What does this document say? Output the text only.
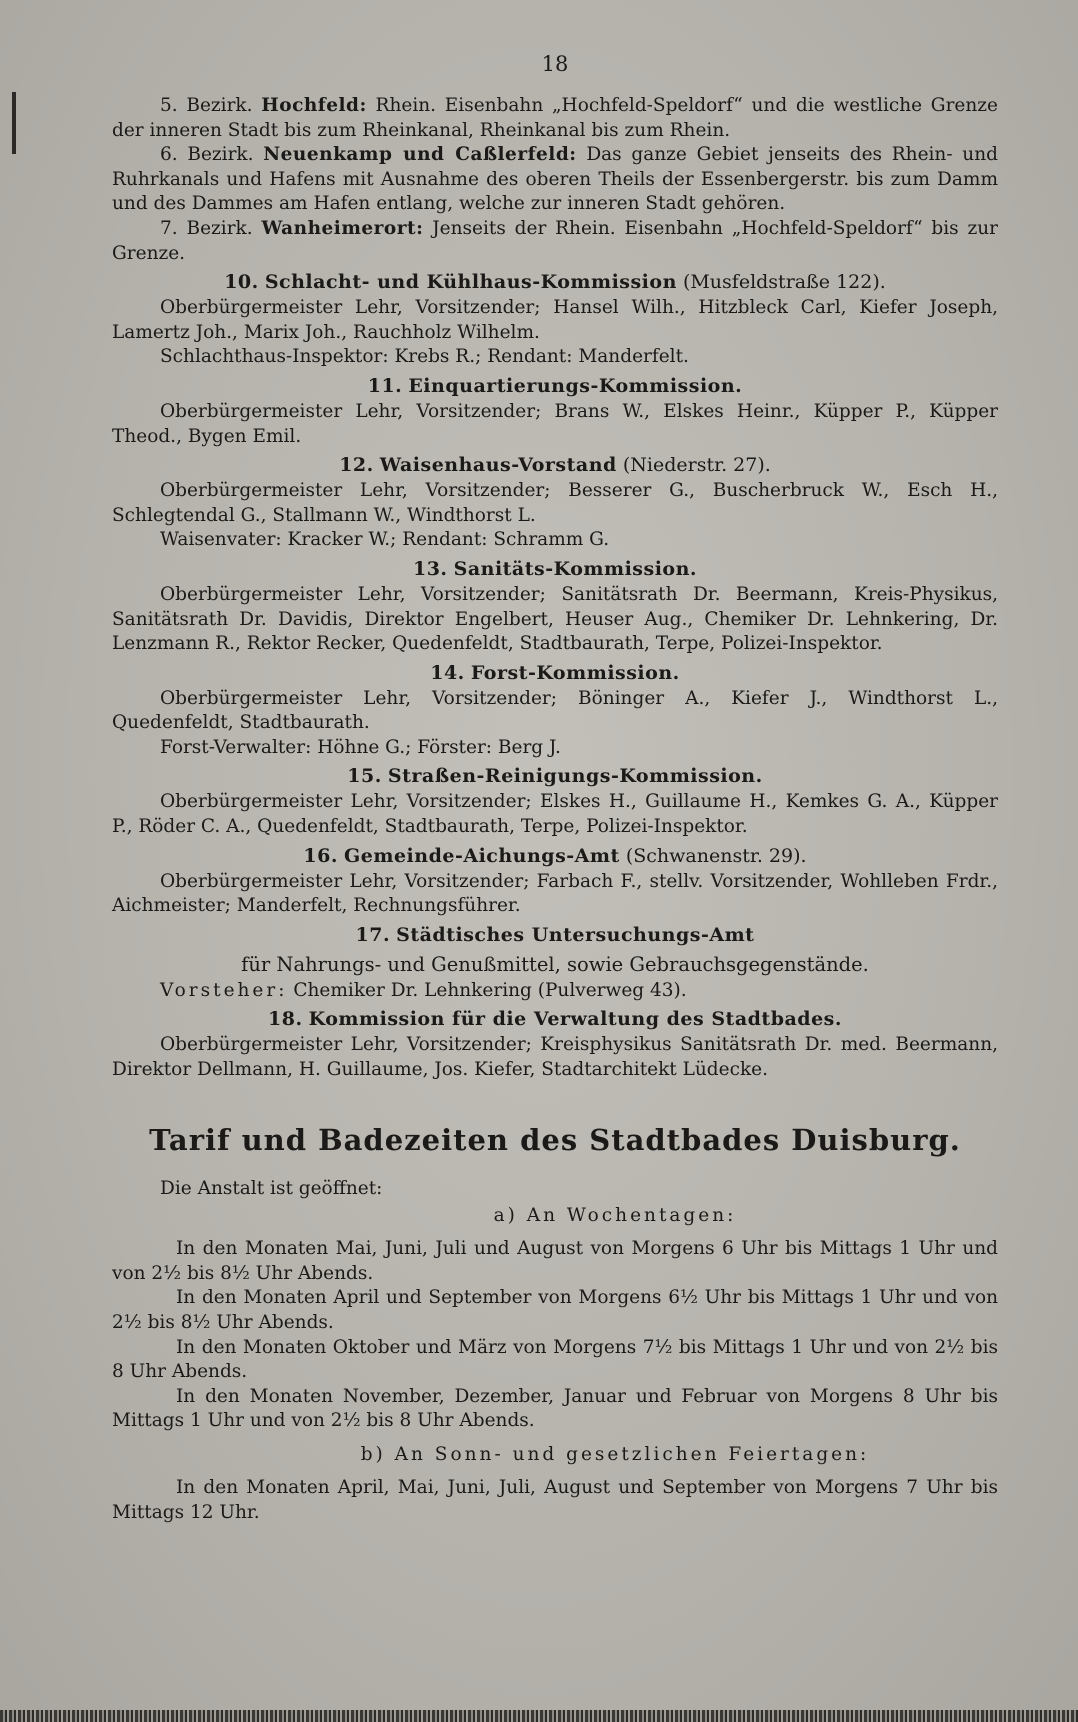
18

5. Bezirk. Hochfeld: Rhein. Eisenbahn „Hochfeld-Speldorf“ und die westliche Grenze der inneren Stadt bis zum Rheinkanal, Rheinkanal bis zum Rhein.

6. Bezirk. Neuenkamp und Caßlerfeld: Das ganze Gebiet jenseits des Rhein- und Ruhrkanals und Hafens mit Ausnahme des oberen Theils der Essenbergerstr. bis zum Damm und des Dammes am Hafen entlang, welche zur inneren Stadt gehören.

7. Bezirk. Wanheimerort: Jenseits der Rhein. Eisenbahn „Hochfeld-Speldorf“ bis zur Grenze.

10. Schlacht- und Kühlhaus-Kommission (Musfeldstraße 122).

Oberbürgermeister Lehr, Vorsitzender; Hansel Wilh., Hitzbleck Carl, Kiefer Joseph, Lamertz Joh., Marix Joh., Rauchholz Wilhelm.

Schlachthaus-Inspektor: Krebs R.; Rendant: Manderfelt.

11. Einquartierungs-Kommission.

Oberbürgermeister Lehr, Vorsitzender; Brans W., Elskes Heinr., Küpper P., Küpper Theod., Bygen Emil.

12. Waisenhaus-Vorstand (Niederstr. 27).

Oberbürgermeister Lehr, Vorsitzender; Besserer G., Buscherbruck W., Esch H., Schlegtendal G., Stallmann W., Windthorst L.

Waisenvater: Kracker W.; Rendant: Schramm G.

13. Sanitäts-Kommission.

Oberbürgermeister Lehr, Vorsitzender; Sanitätsrath Dr. Beermann, Kreis-Physikus, Sanitätsrath Dr. Davidis, Direktor Engelbert, Heuser Aug., Chemiker Dr. Lehnkering, Dr. Lenzmann R., Rektor Recker, Quedenfeldt, Stadtbaurath, Terpe, Polizei-Inspektor.

14. Forst-Kommission.

Oberbürgermeister Lehr, Vorsitzender; Böninger A., Kiefer J., Windthorst L., Quedenfeldt, Stadtbaurath.

Forst-Verwalter: Höhne G.; Förster: Berg J.

15. Straßen-Reinigungs-Kommission.

Oberbürgermeister Lehr, Vorsitzender; Elskes H., Guillaume H., Kemkes G. A., Küpper P., Röder C. A., Quedenfeldt, Stadtbaurath, Terpe, Polizei-Inspektor.

16. Gemeinde-Aichungs-Amt (Schwanenstr. 29).

Oberbürgermeister Lehr, Vorsitzender; Farbach F., stellv. Vorsitzender, Wohlleben Frdr., Aichmeister; Manderfelt, Rechnungsführer.

17. Städtisches Untersuchungs-Amt
für Nahrungs- und Genußmittel, sowie Gebrauchsgegenstände.

Vorsteher: Chemiker Dr. Lehnkering (Pulverweg 43).

18. Kommission für die Verwaltung des Stadtbades.

Oberbürgermeister Lehr, Vorsitzender; Kreisphysikus Sanitätsrath Dr. med. Beermann, Direktor Dellmann, H. Guillaume, Jos. Kiefer, Stadtarchitekt Lüdecke.

Tarif und Badezeiten des Stadtbades Duisburg.

Die Anstalt ist geöffnet:

a) An Wochentagen:

In den Monaten Mai, Juni, Juli und August von Morgens 6 Uhr bis Mittags 1 Uhr und von 2½ bis 8½ Uhr Abends.

In den Monaten April und September von Morgens 6½ Uhr bis Mittags 1 Uhr und von 2½ bis 8½ Uhr Abends.

In den Monaten Oktober und März von Morgens 7½ bis Mittags 1 Uhr und von 2½ bis 8 Uhr Abends.

In den Monaten November, Dezember, Januar und Februar von Morgens 8 Uhr bis Mittags 1 Uhr und von 2½ bis 8 Uhr Abends.

b) An Sonn- und gesetzlichen Feiertagen:

In den Monaten April, Mai, Juni, Juli, August und September von Morgens 7 Uhr bis Mittags 12 Uhr.
